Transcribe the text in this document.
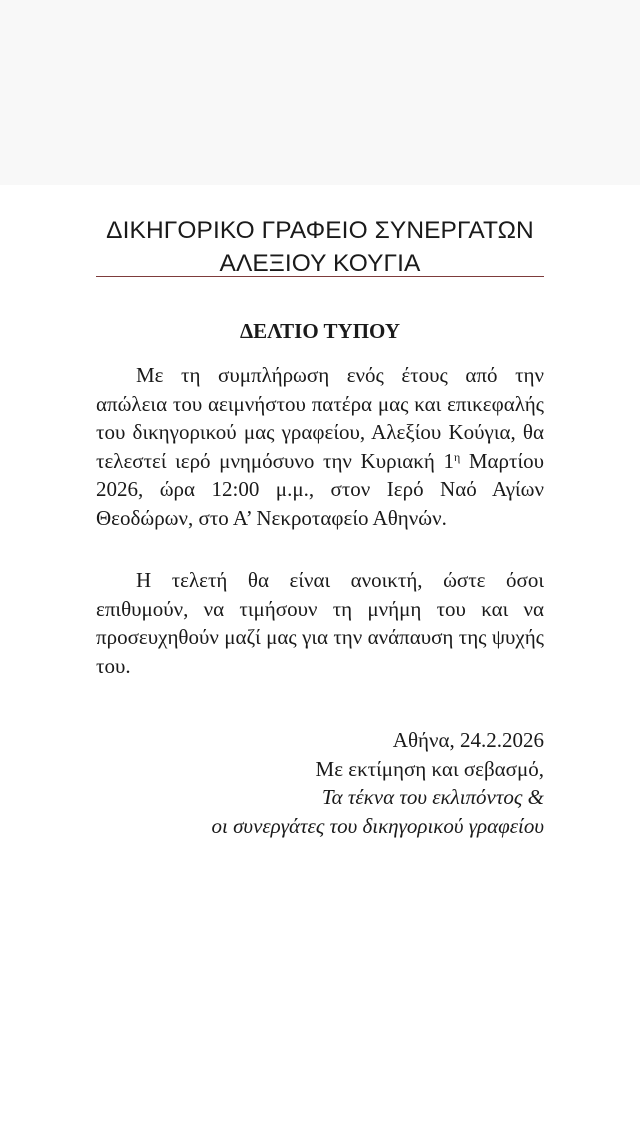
ΔΙΚΗΓΟΡΙΚΟ ΓΡΑΦΕΙΟ ΣΥΝΕΡΓΑΤΩΝ
ΑΛΕΞΙΟΥ ΚΟΥΓΙΑ
ΔΕΛΤΙΟ ΤΥΠΟΥ

Με τη συμπλήρωση ενός έτους από την απώλεια του αειμνήστου πατέρα μας και επικεφαλής του δικηγορικού μας γραφείου, Αλεξίου Κούγια, θα τελεστεί ιερό μνημόσυνο την Κυριακή $1^\eta$ Μαρτίου 2026, ώρα 12:00 μ.μ., στον Ιερό Ναό Αγίων Θεοδώρων, στο Α’ Νεκροταφείο Αθηνών.

Η τελετή θα είναι ανοικτή, ώστε όσοι επιθυμούν, να τιμήσουν τη μνήμη του και να προσευχηθούν μαζί μας για την ανάπαυση της ψυχής του.

Αθήνα, 24.2.2026
Με εκτίμηση και σεβασμό,
Τα τέκνα του εκλιπόντος &
οι συνεργάτες του δικηγορικού γραφείου
